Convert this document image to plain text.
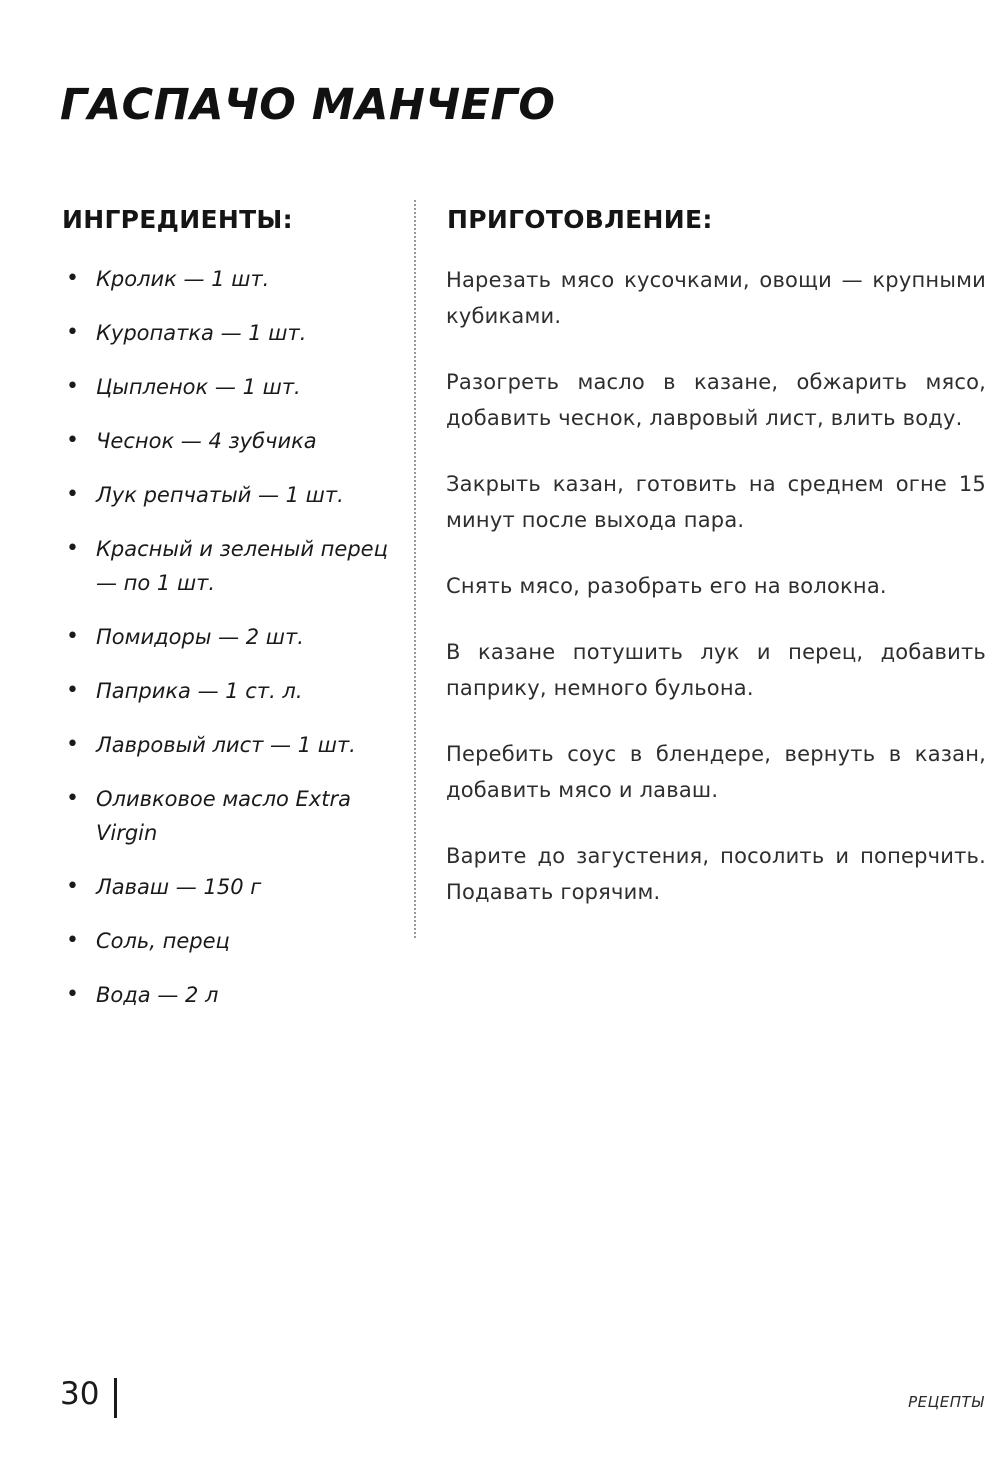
ГАСПАЧО МАНЧЕГО
ИНГРЕДИЕНТЫ:	ПРИГОТОВЛЕНИЕ:
• Кролик — 1 шт.
• Куропатка — 1 шт.
• Цыпленок — 1 шт.
• Чеснок — 4 зубчика
• Лук репчатый — 1 шт.
• Красный и зеленый перец — по 1 шт.
• Помидоры — 2 шт.
• Паприка — 1 ст. л.
• Лавровый лист — 1 шт.
• Оливковое масло Extra Virgin
• Лаваш — 150 г
• Соль, перец
• Вода — 2 л

Нарезать мясо кусочками, овощи — крупными кубиками.

Разогреть масло в казане, обжарить мясо, добавить чеснок, лавровый лист, влить воду.

Закрыть казан, готовить на среднем огне 15 минут после выхода пара.

Снять мясо, разобрать его на волокна.

В казане потушить лук и перец, добавить паприку, немного бульона.

Перебить соус в блендере, вернуть в казан, добавить мясо и лаваш.

Варите до загустения, посолить и поперчить. Подавать горячим.

30	РЕЦЕПТЫ
